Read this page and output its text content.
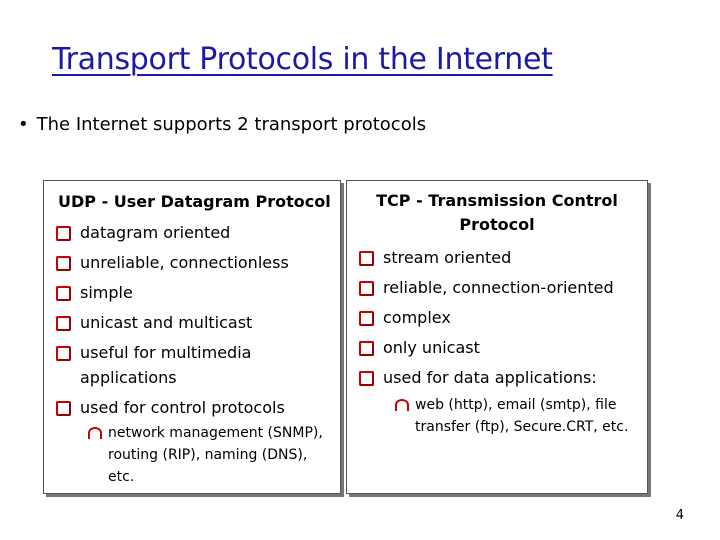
Transport Protocols in the Internet
• The Internet supports 2 transport protocols
UDP - User Datagram Protocol
datagram oriented
unreliable, connectionless
simple
unicast and multicast
useful for multimedia applications
used for control protocols
network management (SNMP), routing (RIP), naming (DNS), etc.
TCP - Transmission Control Protocol
stream oriented
reliable, connection-oriented
complex
only unicast
used for data applications:
web (http), email (smtp), file transfer (ftp), Secure.CRT, etc.
4
